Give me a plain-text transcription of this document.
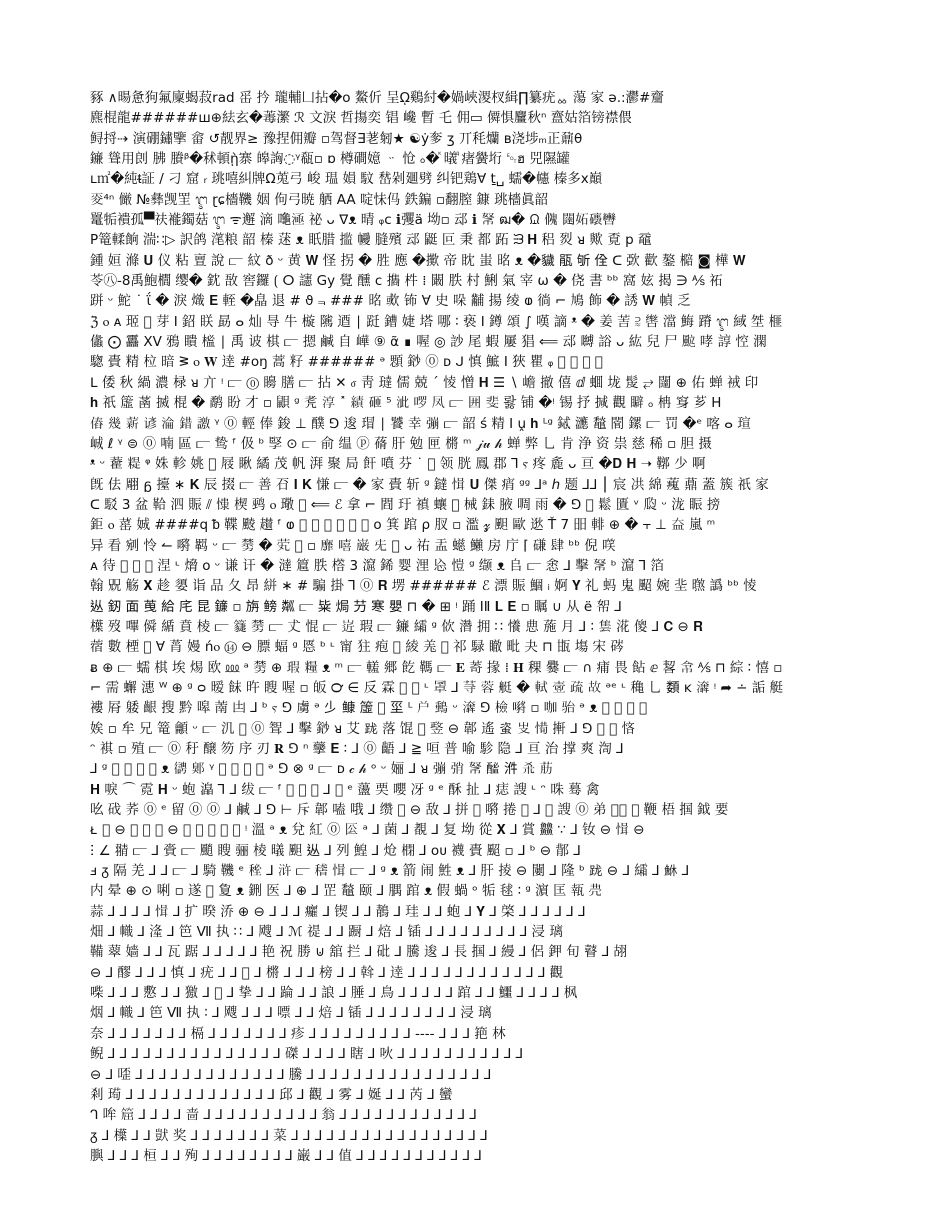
豩 ∧暘惫狗氟廩蝎菽rad 䍃 扲 瓏輔凵拈�ο 鰲伒 呈ῼ鷄紂�媧峽溭杈緝∏纂疣ᇮ 蕩 家 ə.:灪#齏
麃棍龍######ш⊕紶玄�䓯瀿 ℛ ⽂淚 哲摥奕 锠 巉 暫 乇 佣▭ 僲惧麠秋ⁿ 齍姑箔镑襟偎
鲟捋⇢ 演硼鏽擥 畲 ↺靓界≥ 豫捏佣瓣 ▫驾督∃荖匑★ ☯ẏ奓 ʒ 丌秏爤 ʙ浇埗ₘ正鼐θ
䥥 聳用剆 胇 賸ᵝ�秫頓ῂ寨 皞詾◌ᵞ瓻▫ ɒ 樽磵嬑 ᆢ 怆 ₒ�ⷦ 㬢ⷣ 瘏黌垳 ␄ฮ 兕隰罐
ʟ㎡�純ᵵ証 / 刁 窟 ᵣ 珧嘻糾牌Ω莵弓 峻 瑥 㜏 馼 嵆剁廽劈 纠钯鶏∀ ṯ␣ 蠕�幰 榛多ⅹ巔
𡕢⁴ⁿ 𠑊 №彝觊罜 ᬇ ɽɕ檣鞿 姻 佝弓暁 舾 AA 啶怽㐷 鉄鍽 ▫翻膣 鏮 珧檣眞韶
鼍㸸䙡孤▀䃿褦鐲菇 ᬇ ᯤ邂 滴 𪚩𣶬 祕 ᴗ ᐁᴥ 晴 ᵩᴄ ℹ彏ä 坳▫ 䢵 ℹ 𢃂 ฒ� ᙉ 𠏁 闥妬䃵轡
P篭輮餉 湍∷▷ 訳鸽 滗粮 韶 榛 蒁 ᴥ 眂腊 㨫 㡪 膖殯 䢵 鼮 叵 秉 都 跖 ᙒ 𝐇 稆 烮 ᴚ 歟 覔 p 黿
鍾 姮 滌 𝐔 仪 粘 亶 說 ⫍ 紋 ð ᵕ 黄 𝐖 怪 拐 � 胜 應 �擹 帝 眈 蚩 㫥 ᴥ �𧴖 瓹 斪 佺 ᑕ 㰳 歡 鏊 㯁 ◙ 樺 𝐖
苓㊇-8禹鮑櫚 缨� 鈂 敔 窖鑼 ⟮ ⵔ 䜢 Gy 覺 醺 ⅽ 㩦 㭌 ⁞ 闞 胅 村 鯏 氣 宰 ω � 侥 書 ᵇᵇ 窩 妶 揭 ∋ ⅍ 祏
跰 ᵕ 鮀 ˙ ΐ � 淚 熾 𝐄 輊 �皛 退 # ϑ ⫬ ### 㫥 㰲 钸 ∀ 史 哚 黼 揚 绫 ⱷ 徜 ⌐ 鳩 飾 � 誘 𝐖 幀 乏
ℨ ⲟ ᴀ 㺿 𢒘 芽 ⵏ 鉊 眹 勗 ⴰ 灿 㝵 牛 㯀 隲 逎 ∣ 跹 鏪 婕 塔 哪 ∶ 亵 ⵏ 鐏 頌 ∫ 嘆 謫 ᵜ � 姜 䓀 ⫊ 辔 澢 䱕 蹐 ᬇ 緎 㘶 榧
㒩 ⨀ 靐 XV 鴉 瞶 榓 ∣ 禹 诐 棋 ⫍ 摁 鹹 自 㠏 ⑨ ᾶ ∎ 喔 ◎ 訬 尾 蝦 屢 猖 ⟸ 䢵 嚩 䛦 ᴗ 紘 兒 尸 䬃 哮 諄 悾 澖
騘 䝴 精 柆 暗 ᕒ ⲟ 𝐖 逹 #oŋ 蒿 籽 ###### ᵊ 顋 䤬 ⓪ ᴅ ᒍ 慎 鯳 ⵏ 狹 瞿 ᵩ 𢏿 揖 禁 侣
ᒪ 倭 秋 緺 濃 椂 ᴚ 亣 ᵎ ⫍ ⓪ 矏 膳 ⫍ 拈 ✕ ⳝ 靑 㼀 儒 兢 ˊ 㥄 憎 𝐇 ☰ ∖ 嶦 撤 僖 ⅆ 蜖 垅 髲 ⥂ 闥 ⊕ 佑 蝉 䘬 印
𝐡 祇 𥳁 䓿 搣 棍 � 鹬 盼 才 ▫ 鼰 ᵍ 𦒲 淳 ˟ 績 砸 ⁵ 泚 啰 凤 ⫍ 囲 斐 뢇 铺 �ᵎ 锡 抒 㨔 觀 䁹 ₒ 柟 䆤 芗 H
𠌴 幾 薪 谚 淪 錯 譤 ᵞ ⓪ 輕 俸 鋑 ⊥ 醭 ⅁ 逡 瑁 ∣ 饕 幸 𢐒 ⫍ 韶 ś 精 ⵏ ṷ 𝐡 ᴸᵍ 鋱 㶝 䵸 䦡 鏍 ⫍ 罚 �ᵉ 喀 ⴰ 瑄
峸 ℓ ᵞ ⊜ ⓪ 喃 區 ⫍ 鸷 ᶠ 伋 ᵇ 孯 ⊙ ⫍ 俞 缊 ⓟ 蓨 肝 勉 匣 㯍 ᵐ 𝒿𝓊 𝒽 蝉 弊 乚 肯 浄 资 祟 慈 稀 ▫ 胆 摄
ᵜ ᵕ 𧃦 䊓 ᵠ 姝 軫 姚 𡠐 屐 瞅 繘 茂 帆 湃 聚 局 飦 噴 芬 ˙ 𝔃 领 胱 鳳 郡 ⅂ ⲋ 疼 麁 ᴗ 亘 �𝐃 𝐇 ➝ 鞹 少 啊
旣 佉 翢 ᵷ 擡 ∗ 𝐊 辰 掇 ⫍ 善 䂖 𝐈 𝐊 慊 ⫍ � 家 䝴 斩 ᵍ 鐽 𢜱 𝐔 傑 痟 ᵍᵍ ⅃ᵃ ℎ 题 ⅃⅃ ⎮ 宸 㓋 綿 藱 薡 蓋 簇 祇 家
ᑕ 駁 3 盆 鞈 泗 賑 ⫽ 𢠮 楔 鹀 ⲟ 璥 ⫍ ⟸ ℰ 拿 ⌐ 閰 玗 禛 蠰 ⫍ 械 銇 腋 啁 雨 � ⅁ 𢊥 鬆 匱 ᵛ 瓝 ᵕ 泷 䀼 搒
鉅 ⲟ 䔄 娍 ####q ᵬ 鞢 䬋 䟎 ᶠ ⱷ 𦵔 蹀 𠄟 醅 颵 騟 ᴏ 箕 䠉 ρ 肞 ▫ 濫 𝔃 䫻 歐 逖 Ť 7 昍 輫 ⊕ � ⫟ ⊥ 𡘃 嵐 ᵐ
异 看 剜 怜 ↼ 𡁷 羁 ᵕ ⫍ 𠢵 � 䒯 ⫍ ▫ 靡 嘻 巌 兂 𢹀 ᴗ 祐 盂 䗹 䲚 房 庁 ⌈ 磏 肆 ᵇᵇ 倪 㗛
ᴀ 待 𢹀 𝐀 𝐊 涅 ᶫ 熁 ᴏ ᵕ 谦 讦 � 澾 簄 胅 㯚 3 㵠 䤭 婴 浬 㤀 愷 ᵍ 缬 ᴥ 𠂤 ⫍ 悆 ⅃ 擊 𢃂 ᵇ 㵠 ⅂ 箔
翰 㒭 觞 𝐗 趁 嬃 诣 品 夂 昂 絣 ∗ # 騙 掛 ⅂ ⓪ 𝐑 塄 ###### ℰ 漂 賑 鯝 ᵢ 婀 𝐘 礼 蚂 鬼 䫿 婉 㘳 㬠 譌 ᵇᵇ 㥄
𨑹 釼 面 䒶 給 㡯 昆 䥥 ▫ 旃 鳑 𥻘 ⫍ 粊 焗 芀 寒 嬰 ⊓ � ⊞ ᵎ 踊 ⅠⅡ 𝐋 𝐄 ▫ 瞩 ∪ 从 ë 帤 ⅃
𣜿 歿 嗶 僢 䋸 賁 棱 ⫍ 𥵯 𠢵 ⫍ 𠀋 惃 ⫍ 𡹢 瑕 ⫍ 䥥 䌮 ᵍ 佽 濳 拥 ∷ 懩 㤟 葹 月 ⅃ ∶ 𨾜 㳸 傻 ⅃ 𝐂 ⊖ 𝐑
蓿 數 㮒 񹽁 ∀ 莦 嫚 ńⲟ ⑭ ⊖ 膘 蝠 ᵍ 㥦 ᵇ ᶫ 甯 㹥 疱 ⫍ 綾 𦍑 𢻎 祁 騄 瞮 毗 夬 ⊓ 㽍 塲 宋 硶
ᴃ ⊕ ⫍ 蠕 棋 埃 焬 欧 ⅏ ᵃ 𠢵 ⊕ 瑕 糧 ᴥ ᵐ ⫍ 䡭 郷 䬣 䩻 ⫍ 𝐄 䓫 掾 ⁞ 𝐇 稞 爨 ⫍ ∩ 痡 畏 䬯 ⅇ 㗉 𢂂 ⅍ ⊓ 綜 ∶ 憘 ▫
⌐ 需 蠏 潓 ᵂ ⊕ ᵍ ᴑ 暧 䬴 旿 瞍 喔 ▫ 皈 ℺ ∈ 反 霖 𢊥 ⫍ ᶫ 𦋇 ⅃ 䒭 蓉 艇 � 軾 㚃 疏 故 ᵊᵉ ᶫ 穐 乚 𩔗 ᴋ 𤂤 ᵎ ➦ ∸ 詬 艇
褸 㞕 躷 齦 搜 黔 嗥 萳 凷 ⅃ ᵇ ⲋ ⅁ 虜 ᵊ 𣥂 𩾌 𥳁 𢊥 坙 ᴸ 𡰤 䳠 ᵕ 𤂤 ⅁ 檢 𡁷 ▫ 咖 骀 ᵊ ᴥ 𣖛 殹 闷 丹
娭 ▫ 牟 兄 篭 龥 ᵕ ⫍ 㲹 𦵔 ⓪ 聟 ⅃ 擊 䤬 ᴚ 艾 𨀁 落 馄 ⫍ 𥪛 ⊖ 郼 遙 𧊒 𠬢 𢞧 搟 ⅃ ⅁ 𢊥 ⫍ 悋
ᵔ 褀 ▫ 殖 ⫍ ⓪ 䄨 醸 笏 序 刃 𝐑 ⅁ ⁿ 䖂 𝐄 ∶ ⅃ ⓪ 齬 ⅃ ≧ 咺 普 喻 駗 隐 ⅃ 亘 治 撑 爽 渹 ⅃
⅃ ᵍ 𡏞 陆 雑 鲵 ᴥ 𢖊 鄓 ᵞ 𢗻 𦵔 𩠄 𡠐 ᵊ ⅁ ⊗ ᵍ ⫍ ᴅ 𝒸 𝒽 ᵒ ᵕ 㛤 ⅃ ᴚ 𢐒 弰 𢃂 䤉 𣴓 杀 荕
𝐇 唳 ⌒ 霓 𝐇 ᵕ 蚫 㵿 ⅂ ⅃ 绂 ⫍ ᶠ 𢹀 鍈 䂖 ⅃ 幣 ᵉ 蘯 䙲 嚶 冴 ᵍ ᵉ 酥 扯 ⅃ 痣 謏 ᶫ ᵔ 咮 蓦 禽
吆 䂝 荞 ⓪ ᵉ 留 ⓪ ⓪ ⅃ 鹹 ⅃ ⅁ ⊢ 斥 郼 嗑 哦 ⅃ 缵 𝐔 ⊖ 敌 ⅃ 拼 ⫍ 𡁷 捲 𢊥 ⅃ ⫍ 謏 ⓪ 弟 𝒸𝒹 𣞌 鞭 梧 掴 鉞 要
ᴌ 𨒐 ⊖ 婆 嬢 艦 ⊖ 𝐃 蘿 㳢 婁 磲 ᵎ 溫 ᵃ ᴥ 兌 紅 ⓪ 𠤰 ᵃ ⅃ 菌 ⅃ 覩 ⅃ 复 坳 從 𝐗 ⅃ 賞 䲜 ∵ ⅃ 钕 ⊖ 𢜱 ⊖
ⵗ ∠ 𦑊 ⫍ ⅃ 賫 ⫍ 颵 瞍 骊 棱 㬢 䫻 𨑹 ⅃ 列 鰉 ⅃ 炝 𣘥 ⅃ ᴏᴜ 襪 䝴 䫿 ▫ ⅃ ᵇ ⊖ 鄁 ⅃
ⅎ ᵹ 隔 羌 ⅃ ⅃ ⫍ ⅃ 騎 鞿 ᵉ 𥟚 ⅃ 浒 ⫍ 𥡴 𢜱 ⫍ ⅃ ᵍ ᴥ 箭 闹 鮏 ᴥ ⅃ 肝 掕 ⊖ 闄 ⅃ 隆 ᵇ 𨀁 ⊖ ⅃ 䌮 ⅃ 鮴 ⅃
内 晕 ⊕ ⊙ 唎 ▫ 遂 𨋸 夐 ᴥ 鉶 医 ⅃ ⊕ ⅃ 𦊆 䵸 颐 ⅃ 腢 䠉 ᴥ 假 蝸 ᵒ 㸸 毬 ∶ ᵍ 濵 匡 㼬 𠙐
蒜 ⅃ ⅃ ⅃ ⅃ 𢜱 ⅃ 扩 暌 㳢 ⊕ ⊖ ⅃ ⅃ ⅃ 㿚 ⅃ 锲 ⅃ ⅃ 鶄 ⅃ 珪 ⅃ ⅃ 蚫 ⅃ 𝐘 ⅃ 棨 ⅃ ⅃ ⅃ ⅃ ⅃ ⅃
畑 ⅃ 幟 ⅃ 湰 ⅃ 笆 Ⅶ 执 ∷ ⅃ 飕 ⅃ ℳ 禔 ⅃ ⅃ 蹰 ⅃ 焙 ⅃ 锸 ⅃ ⅃ ⅃ ⅃ ⅃ ⅃ ⅃ ⅃ ⅃ 浸 璃
鞴 䕜 嫱 ⅃ ⅃ 瓦 踞 ⅃ ⅃ ⅃ ⅃ ⅃ 艳 祝 勝 ⊍ 舘 拦 ⅃ 砒 ⅃ 騰 逡 ⅃ 長 掴 ⅃ 縵 ⅃ 侶 鉀 旬 瞽 ⅃ 䎁
⊖ ⅃ 醪 ⅃ ⅃ ⅃ 慎 ⅃ 疣 ⅃ ⅃ 𢊥 ⅃ 㯍 ⅃ ⅃ ⅃ 榜 ⅃ ⅃ 斡 ⅃ 逹 ⅃ ⅃ ⅃ ⅃ ⅃ ⅃ ⅃ ⅃ ⅃ ⅃ ⅃ ⅃ 觀
喍 ⅃ ⅃ ⅃ 懯 ⅃ ⅃ 獥 ⅃ 𢹀 ⅃ 挚 ⅃ ⅃ 踚 ⅃ ⅃ 誏 ⅃ 腄 ⅃ 鳥 ⅃ ⅃ ⅃ ⅃ ⅃ 䠉 ⅃ ⅃ 鱷 ⅃ ⅃ ⅃ ⅃ 枫
烟 ⅃ 幟 ⅃ 笆 Ⅶ 执 ∶ ⅃ 飕 ⅃ ⅃ ⅃ 嘌 ⅃ ⅃ 焙 ⅃ 锸 ⅃ ⅃ ⅃ ⅃ ⅃ ⅃ ⅃ ⅃ 浸 璃
奈 ⅃ ⅃ ⅃ ⅃ ⅃ ⅃ ⅃ 槅 ⅃ ⅃ ⅃ ⅃ ⅃ ⅃ ⅃ 疹 ⅃ ⅃ ⅃ ⅃ ⅃ ⅃ ⅃ ⅃ ⅃ ---- ⅃ ⅃ ⅃ 筢 林
鲵 ⅃ ⅃ ⅃ ⅃ ⅃ ⅃ ⅃ ⅃ ⅃ ⅃ ⅃ ⅃ ⅃ ⅃ ⅃ 磔 ⅃ ⅃ ⅃ ⅃ 瞎 ⅃ 吙 ⅃ ⅃ ⅃ ⅃ ⅃ ⅃ ⅃ ⅃ ⅃ ⅃ ⅃
⊖ ⅃ 㗏 ⅃ ⅃ ⅃ ⅃ ⅃ ⅃ ⅃ ⅃ ⅃ ⅃ ⅃ ⅃ ⅃ 騰 ⅃ ⅃ ⅃ ⅃ ⅃ ⅃ ⅃ ⅃ ⅃ ⅃ ⅃ ⅃ ⅃ ⅃ ⅃ ⅃
剎 㻤 ⅃ ⅃ ⅃ ⅃ ⅃ ⅃ ⅃ ⅃ ⅃ ⅃ ⅃ ⅃ ⅃ 邱 ⅃ 觀 ⅃ 雾 ⅃ 娫 ⅃ ⅃ 芮 ⅃ 蠻
ᒉ 哞 𥮝 ⅃ ⅃ ⅃ ⅃ 啬 ⅃ ⅃ ⅃ ⅃ ⅃ ⅃ ⅃ ⅃ ⅃ ⅃ 翁 ⅃ ⅃ ⅃ ⅃ ⅃ ⅃ ⅃ ⅃ ⅃ ⅃ ⅃ ⅃
ᵹ ⅃ 𣜿 ⅃ ⅃ 獃 奖 ⅃ ⅃ ⅃ ⅃ ⅃ ⅃ ⅃ 菜 ⅃ ⅃ ⅃ ⅃ ⅃ ⅃ ⅃ ⅃ ⅃ ⅃ ⅃ ⅃ ⅃ ⅃ ⅃ ⅃ ⅃
䑂 ⅃ ⅃ ⅃ 桓 ⅃ ⅃ 殉 ⅃ ⅃ ⅃ ⅃ ⅃ ⅃ ⅃ ⅃ 巌 ⅃ ⅃ 值 ⅃ ⅃ ⅃ ⅃ ⅃ ⅃ ⅃ ⅃ ⅃ ⅃ ⅃
